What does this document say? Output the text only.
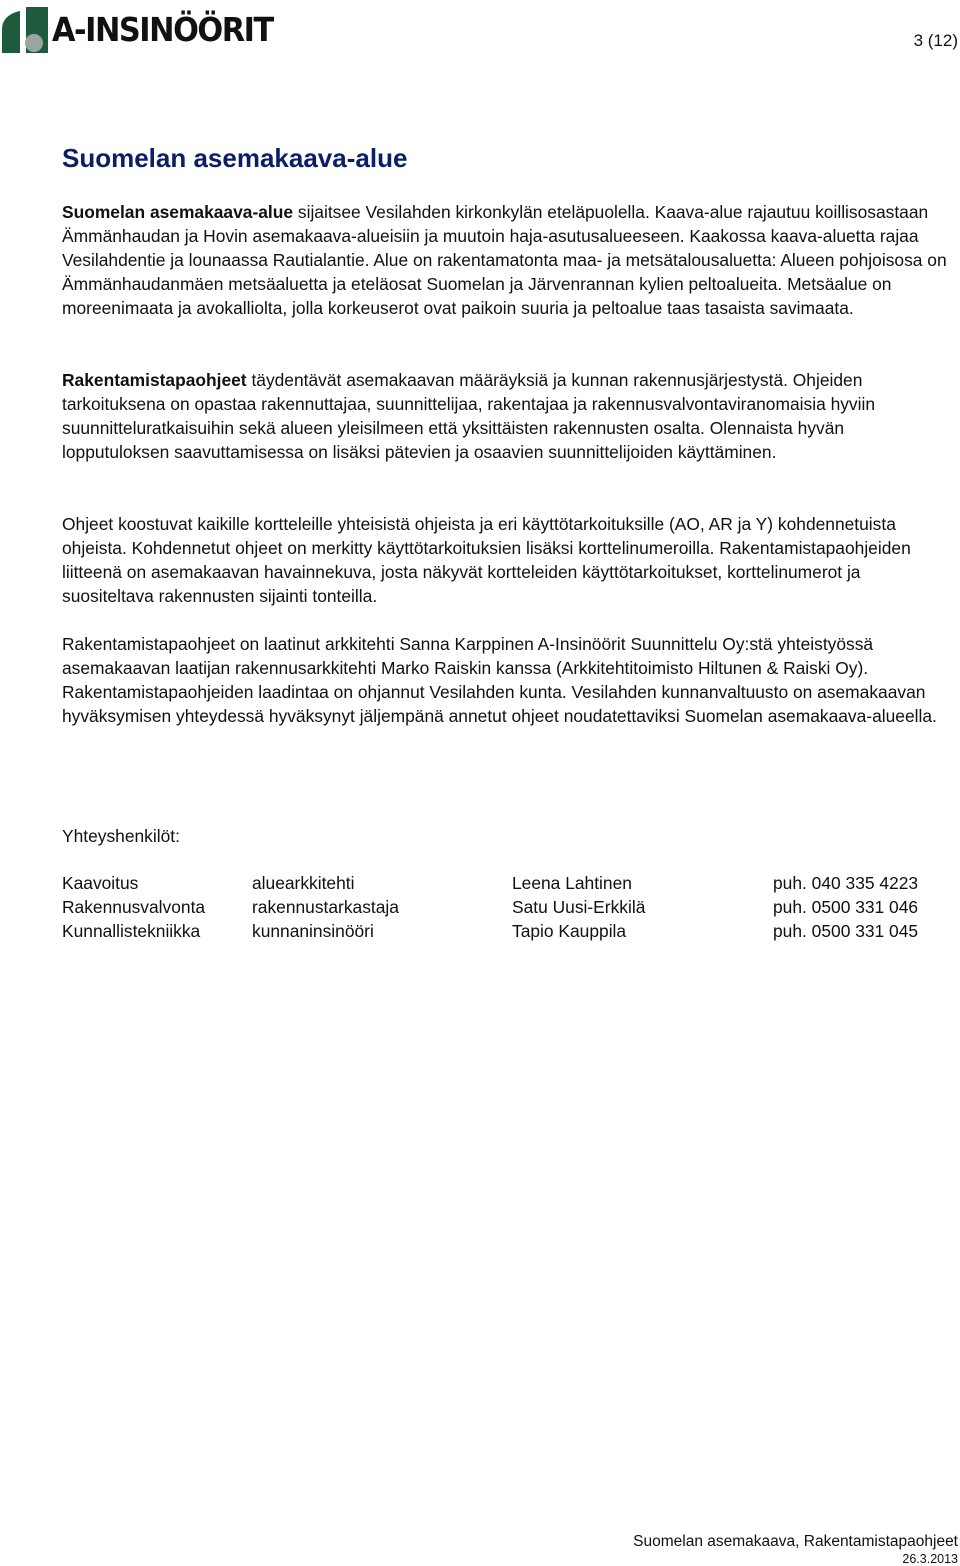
A-INSINÖÖRIT	3 (12)
Suomelan asemakaava-alue

Suomelan asemakaava-alue sijaitsee Vesilahden kirkonkylän eteläpuolella. Kaava-alue rajautuu koillisosastaan Ämmänhaudan ja Hovin asemakaava-alueisiin ja muutoin haja-asutusalueeseen. Kaakossa kaava-aluetta rajaa Vesilahdentie ja lounaassa Rautialantie. Alue on rakentamatonta maa- ja metsätalousaluetta: Alueen pohjoisosa on Ämmänhaudanmäen metsäaluetta ja eteläosat Suomelan ja Järvenrannan kylien peltoalueita. Metsäalue on moreenimaata ja avokalliolta, jolla korkeuserot ovat paikoin suuria ja peltoalue taas tasaista savimaata.

Rakentamistapaohjeet täydentävät asemakaavan määräyksiä ja kunnan rakennusjärjestystä. Ohjeiden tarkoituksena on opastaa rakennuttajaa, suunnittelijaa, rakentajaa ja rakennusvalvontaviranomaisia hyviin suunnitteluratkaisuihin sekä alueen yleisilmeen että yksittäisten rakennusten osalta. Olennaista hyvän lopputuloksen saavuttamisessa on lisäksi pätevien ja osaavien suunnittelijoiden käyttäminen.

Ohjeet koostuvat kaikille kortteleille yhteisistä ohjeista ja eri käyttötarkoituksille (AO, AR ja Y) kohdennetuista ohjeista. Kohdennetut ohjeet on merkitty käyttötarkoituksien lisäksi korttelinumeroilla. Rakentamistapaohjeiden liitteenä on asemakaavan havainnekuva, josta näkyvät kortteleiden käyttötarkoitukset, korttelinumerot ja suositeltava rakennusten sijainti tonteilla.

Rakentamistapaohjeet on laatinut arkkitehti Sanna Karppinen A-Insinöörit Suunnittelu Oy:stä yhteistyössä asemakaavan laatijan rakennusarkkitehti Marko Raiskin kanssa (Arkkitehtitoimisto Hiltunen & Raiski Oy). Rakentamistapaohjeiden laadintaa on ohjannut Vesilahden kunta. Vesilahden kunnanvaltuusto on asemakaavan hyväksymisen yhteydessä hyväksynyt jäljempänä annetut ohjeet noudatettaviksi Suomelan asemakaava-alueella.

Yhteyshenkilöt:
Kaavoitus	aluearkkitehti	Leena Lahtinen	puh. 040 335 4223
Rakennusvalvonta	rakennustarkastaja	Satu Uusi-Erkkilä	puh. 0500 331 046
Kunnallistekniikka	kunnaninsinööri	Tapio Kauppila	puh. 0500 331 045
Suomelan asemakaava, Rakentamistapaohjeet
26.3.2013
